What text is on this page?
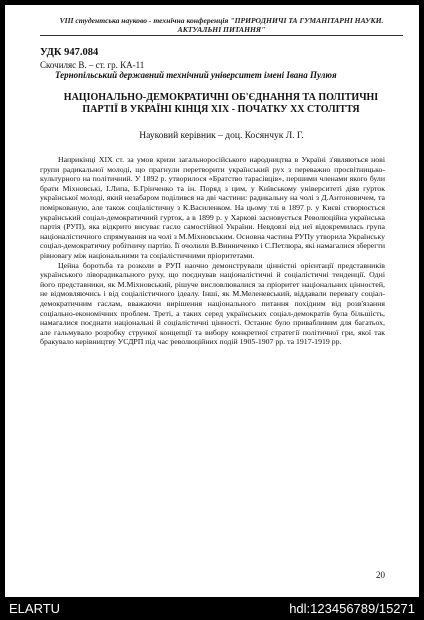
VIII студентська науково - технічна конференція "ПРИРОДНИЧІ ТА ГУМАНІТАРНІ НАУКИ. АКТУАЛЬНІ ПИТАННЯ"
УДК 947.084
Скочиляс В. – ст. гр. КА-11
Тернопільський державний технічний університет імені Івана Пулюя
НАЦІОНАЛЬНО-ДЕМОКРАТИЧНІ ОБ'ЄДНАННЯ ТА ПОЛІТИЧНІ ПАРТІЇ В УКРАЇНІ КІНЦЯ XIX - ПОЧАТКУ XX СТОЛІТТЯ
Науковий керівник – доц. Косянчук Л. Г.

Наприкінці XIX ст. за умов кризи загальноросійського народництва в Україні з'являються нові групи радикальної молоді, що прагнули перетворити український рух з переважно просвітницько-культурного на політичний. У 1892 р. утворилося «Братство тарасівців», першими членами якого були брати Міхновські, І.Липа, Б.Грінченко та ін. Поряд з цим, у Київському університеті діяв гурток української молоді, який незабаром поділився на дві частини: радикальну на чолі з Д.Антоновичем, та поміркованую, але також соціалістичну з К.Василенком. На цьому тлі в 1897 р. у Києві створюється український соціал-демократичний гурток, а в 1899 р. у Харкові засновується Революційна українська партія (РУП), яка відкрито висуває гасло самостійної України. Невдовзі від неї відокремилась група націоналістичного спрямування на чолі з М.Міхновським. Основна частина РУПу утворила Українську соціал-демократичну робітничу партію. Її очолили В.Винниченко і С.Петлюра, які намагалися зберегти рівновагу між національними та соціалістичними пріоритетами.

Цейна боротьба та розколи в РУП наочно демонстрували цінністні орієнтації представників українського ліворадикального руху, що поєднував націоналістичні й соціалістичні тенденції. Одні його представники, як М.Міхновський, рішуче висловлювалися за пріоритет національних цінностей, не відмовляючись і від соціалістичного ідеалу. Інші, як М.Меленевський, віддавали перевагу соціал-демократичним гаслам, вважаючи вирішення національного питання похідним від розв'язання соціально-економічних проблем. Треті, а таких серед українських соціал-демократів була більшість, намагалися поєднати національні й соціалістичні цінності. Останнє було привабливим для багатьох, але гальмувало розробку стрункої концепції та вибору конкретної стратегії політичної гри, якої так бракувало керівництву УСДРП під час революційних подій 1905-1907 рр. та 1917-1919 рр.

20
ELARTU	hdl:123456789/15271
